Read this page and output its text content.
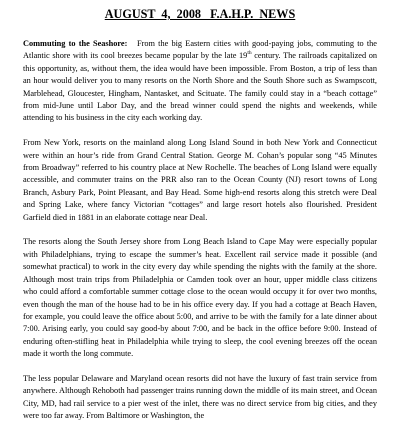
AUGUST  4,  2008   F.A.H.P.  NEWS

Commuting to the Seashore: From the big Eastern cities with good-paying jobs, commuting to the Atlantic shore with its cool breezes became popular by the late 19th century. The railroads capitalized on this opportunity, as, without them, the idea would have been impossible. From Boston, a trip of less than an hour would deliver you to many resorts on the North Shore and the South Shore such as Swampscott, Marblehead, Gloucester, Hingham, Nantasket, and Scituate. The family could stay in a “beach cottage” from mid-June until Labor Day, and the bread winner could spend the nights and weekends, while attending to his business in the city each working day.

From New York, resorts on the mainland along Long Island Sound in both New York and Connecticut were within an hour’s ride from Grand Central Station. George M. Cohan’s popular song “45 Minutes from Broadway” referred to his country place at New Rochelle. The beaches of Long Island were equally accessible, and commuter trains on the PRR also ran to the Ocean County (NJ) resort towns of Long Branch, Asbury Park, Point Pleasant, and Bay Head. Some high-end resorts along this stretch were Deal and Spring Lake, where fancy Victorian “cottages” and large resort hotels also flourished. President Garfield died in 1881 in an elaborate cottage near Deal.

The resorts along the South Jersey shore from Long Beach Island to Cape May were especially popular with Philadelphians, trying to escape the summer’s heat. Excellent rail service made it possible (and somewhat practical) to work in the city every day while spending the nights with the family at the shore. Although most train trips from Philadelphia or Camden took over an hour, upper middle class citizens who could afford a comfortable summer cottage close to the ocean would occupy it for over two months, even though the man of the house had to be in his office every day. If you had a cottage at Beach Haven, for example, you could leave the office about 5:00, and arrive to be with the family for a late dinner about 7:00. Arising early, you could say good-by about 7:00, and be back in the office before 9:00. Instead of enduring often-stifling heat in Philadelphia while trying to sleep, the cool evening breezes off the ocean made it worth the long commute.

The less popular Delaware and Maryland ocean resorts did not have the luxury of fast train service from anywhere. Although Rehoboth had passenger trains running down the middle of its main street, and Ocean City, MD, had rail service to a pier west of the inlet, there was no direct service from big cities, and they were too far away. From Baltimore or Washington, the
